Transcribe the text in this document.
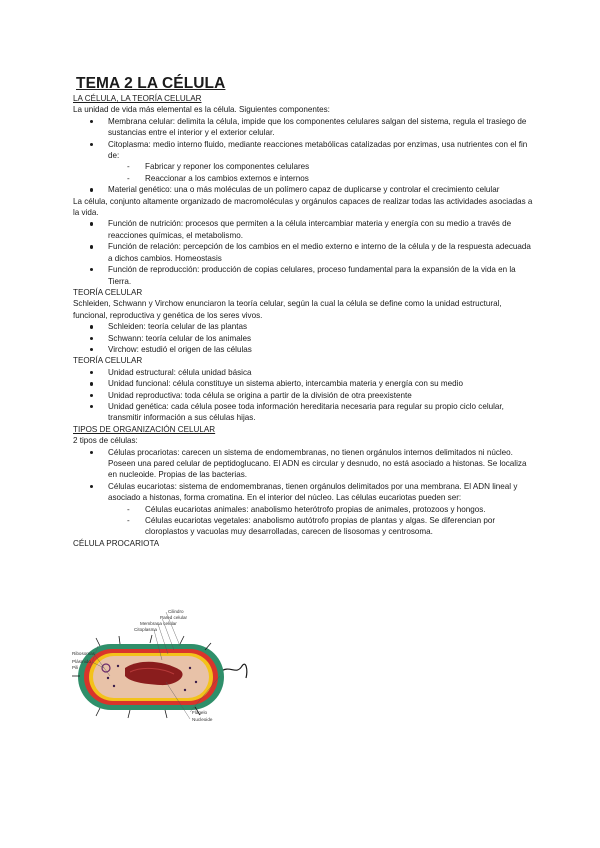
TEMA 2 LA CÉLULA

LA CÉLULA, LA TEORÍA CELULAR

La unidad de vida más elemental es la célula. Siguientes componentes:

Membrana celular: delimita la célula, impide que los componentes celulares salgan del sistema, regula el trasiego de sustancias entre el interior y el exterior celular.
Citoplasma: medio interno fluido, mediante reacciones metabólicas catalizadas por enzimas, usa nutrientes con el fin de:
- Fabricar y reponer los componentes celulares
- Reaccionar a los cambios externos e internos
Material genético: una o más moléculas de un polímero capaz de duplicarse y controlar el crecimiento celular

La célula, conjunto altamente organizado de macromoléculas y orgánulos capaces de realizar todas las actividades asociadas a la vida.

Función de nutrición: procesos que permiten a la célula intercambiar materia y energía con su medio a través de reacciones químicas, el metabolismo.
Función de relación: percepción de los cambios en el medio externo e interno de la célula y de la respuesta adecuada a dichos cambios. Homeostasis
Función de reproducción: producción de copias celulares, proceso fundamental para la expansión de la vida en la Tierra.

TEORÍA CELULAR

Schleiden, Schwann y Virchow enunciaron la teoría celular, según la cual la célula se define como la unidad estructural, funcional, reproductiva y genética de los seres vivos.

Schleiden: teoría celular de las plantas
Schwann: teoría celular de los animales
Virchow: estudió el origen de las células

TEORÍA CELULAR

Unidad estructural: célula unidad básica
Unidad funcional: célula constituye un sistema abierto, intercambia materia y energía con su medio
Unidad reproductiva: toda célula se origina a partir de la división de otra preexistente
Unidad genética: cada célula posee toda información hereditaria necesaria para regular su propio ciclo celular, transmitir información a sus células hijas.

TIPOS DE ORGANIZACIÓN CELULAR

2 tipos de células:

Células procariotas: carecen un sistema de endomembranas, no tienen orgánulos internos delimitados ni núcleo. Poseen una pared celular de peptidoglucano. El ADN es circular y desnudo, no está asociado a histonas. Se localiza en nucleoide. Propias de las bacterias.
Células eucariotas: sistema de endomembranas, tienen orgánulos delimitados por una membrana. El ADN lineal y asociado a histonas, forma cromatina. En el interior del núcleo. Las células eucariotas pueden ser:
- Células eucariotas animales: anabolismo heterótrofo propias de animales, protozoos y hongos.
- Células eucariotas vegetales: anabolismo autótrofo propias de plantas y algas. Se diferencian por cloroplastos y vacuolas muy desarrolladas, carecen de lisosomas y centrosoma.

CÉLULA PROCARIOTA

Cilindro
Pared celular
Membrana celular
Citoplasma
Ribosomas
Plásmido
Pili
Flagelo
Nucleoide
